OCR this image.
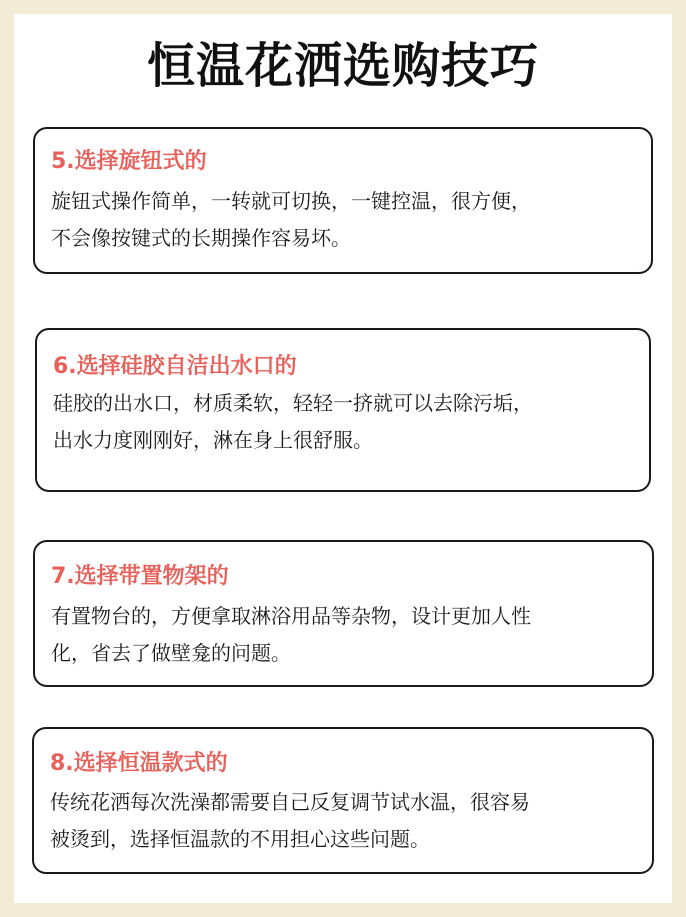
恒温花洒选购技巧
5.选择旋钮式的
旋钮式操作简单，一转就可切换，一键控温，很方便，
不会像按键式的长期操作容易坏。
6.选择硅胶自洁出水口的
硅胶的出水口，材质柔软，轻轻一挤就可以去除污垢，
出水力度刚刚好，淋在身上很舒服。
7.选择带置物架的
有置物台的，方便拿取淋浴用品等杂物，设计更加人性
化，省去了做壁龛的问题。
8.选择恒温款式的
传统花洒每次洗澡都需要自己反复调节试水温，很容易
被烫到，选择恒温款的不用担心这些问题。
